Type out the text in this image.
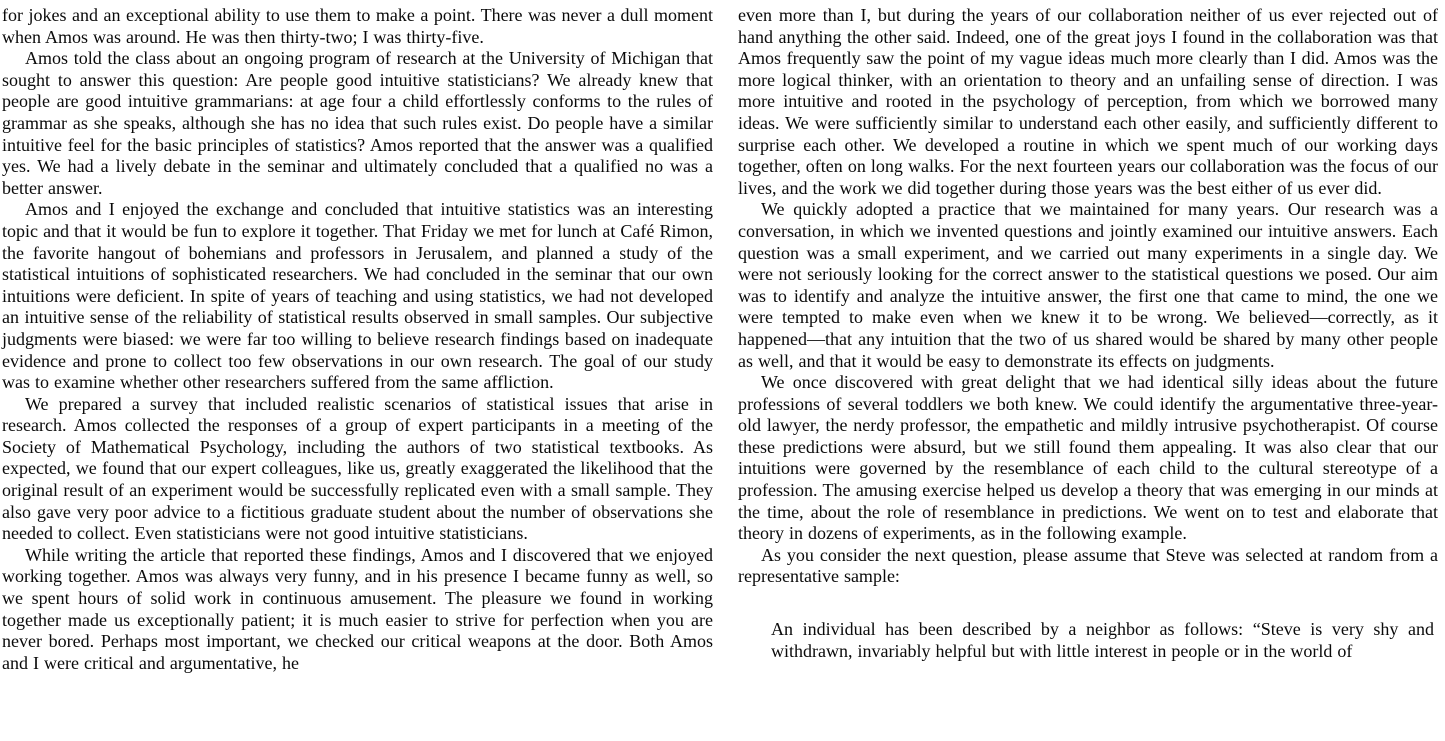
for jokes and an exceptional ability to use them to make a point. There was never a dull moment when Amos was around. He was then thirty-two; I was thirty-five.

Amos told the class about an ongoing program of research at the University of Michigan that sought to answer this question: Are people good intuitive statisticians? We already knew that people are good intuitive grammarians: at age four a child effortlessly conforms to the rules of grammar as she speaks, although she has no idea that such rules exist. Do people have a similar intuitive feel for the basic principles of statistics? Amos reported that the answer was a qualified yes. We had a lively debate in the seminar and ultimately concluded that a qualified no was a better answer.

Amos and I enjoyed the exchange and concluded that intuitive statistics was an interesting topic and that it would be fun to explore it together. That Friday we met for lunch at Café Rimon, the favorite hangout of bohemians and professors in Jerusalem, and planned a study of the statistical intuitions of sophisticated researchers. We had concluded in the seminar that our own intuitions were deficient. In spite of years of teaching and using statistics, we had not developed an intuitive sense of the reliability of statistical results observed in small samples. Our subjective judgments were biased: we were far too willing to believe research findings based on inadequate evidence and prone to collect too few observations in our own research. The goal of our study was to examine whether other researchers suffered from the same affliction.

We prepared a survey that included realistic scenarios of statistical issues that arise in research. Amos collected the responses of a group of expert participants in a meeting of the Society of Mathematical Psychology, including the authors of two statistical textbooks. As expected, we found that our expert colleagues, like us, greatly exaggerated the likelihood that the original result of an experiment would be successfully replicated even with a small sample. They also gave very poor advice to a fictitious graduate student about the number of observations she needed to collect. Even statisticians were not good intuitive statisticians.

While writing the article that reported these findings, Amos and I discovered that we enjoyed working together. Amos was always very funny, and in his presence I became funny as well, so we spent hours of solid work in continuous amusement. The pleasure we found in working together made us exceptionally patient; it is much easier to strive for perfection when you are never bored. Perhaps most important, we checked our critical weapons at the door. Both Amos and I were critical and argumentative, he

even more than I, but during the years of our collaboration neither of us ever rejected out of hand anything the other said. Indeed, one of the great joys I found in the collaboration was that Amos frequently saw the point of my vague ideas much more clearly than I did. Amos was the more logical thinker, with an orientation to theory and an unfailing sense of direction. I was more intuitive and rooted in the psychology of perception, from which we borrowed many ideas. We were sufficiently similar to understand each other easily, and sufficiently different to surprise each other. We developed a routine in which we spent much of our working days together, often on long walks. For the next fourteen years our collaboration was the focus of our lives, and the work we did together during those years was the best either of us ever did.

We quickly adopted a practice that we maintained for many years. Our research was a conversation, in which we invented questions and jointly examined our intuitive answers. Each question was a small experiment, and we carried out many experiments in a single day. We were not seriously looking for the correct answer to the statistical questions we posed. Our aim was to identify and analyze the intuitive answer, the first one that came to mind, the one we were tempted to make even when we knew it to be wrong. We believed—correctly, as it happened—that any intuition that the two of us shared would be shared by many other people as well, and that it would be easy to demonstrate its effects on judgments.

We once discovered with great delight that we had identical silly ideas about the future professions of several toddlers we both knew. We could identify the argumentative three-year-old lawyer, the nerdy professor, the empathetic and mildly intrusive psychotherapist. Of course these predictions were absurd, but we still found them appealing. It was also clear that our intuitions were governed by the resemblance of each child to the cultural stereotype of a profession. The amusing exercise helped us develop a theory that was emerging in our minds at the time, about the role of resemblance in predictions. We went on to test and elaborate that theory in dozens of experiments, as in the following example.

As you consider the next question, please assume that Steve was selected at random from a representative sample:

An individual has been described by a neighbor as follows: “Steve is very shy and withdrawn, invariably helpful but with little interest in people or in the world of
